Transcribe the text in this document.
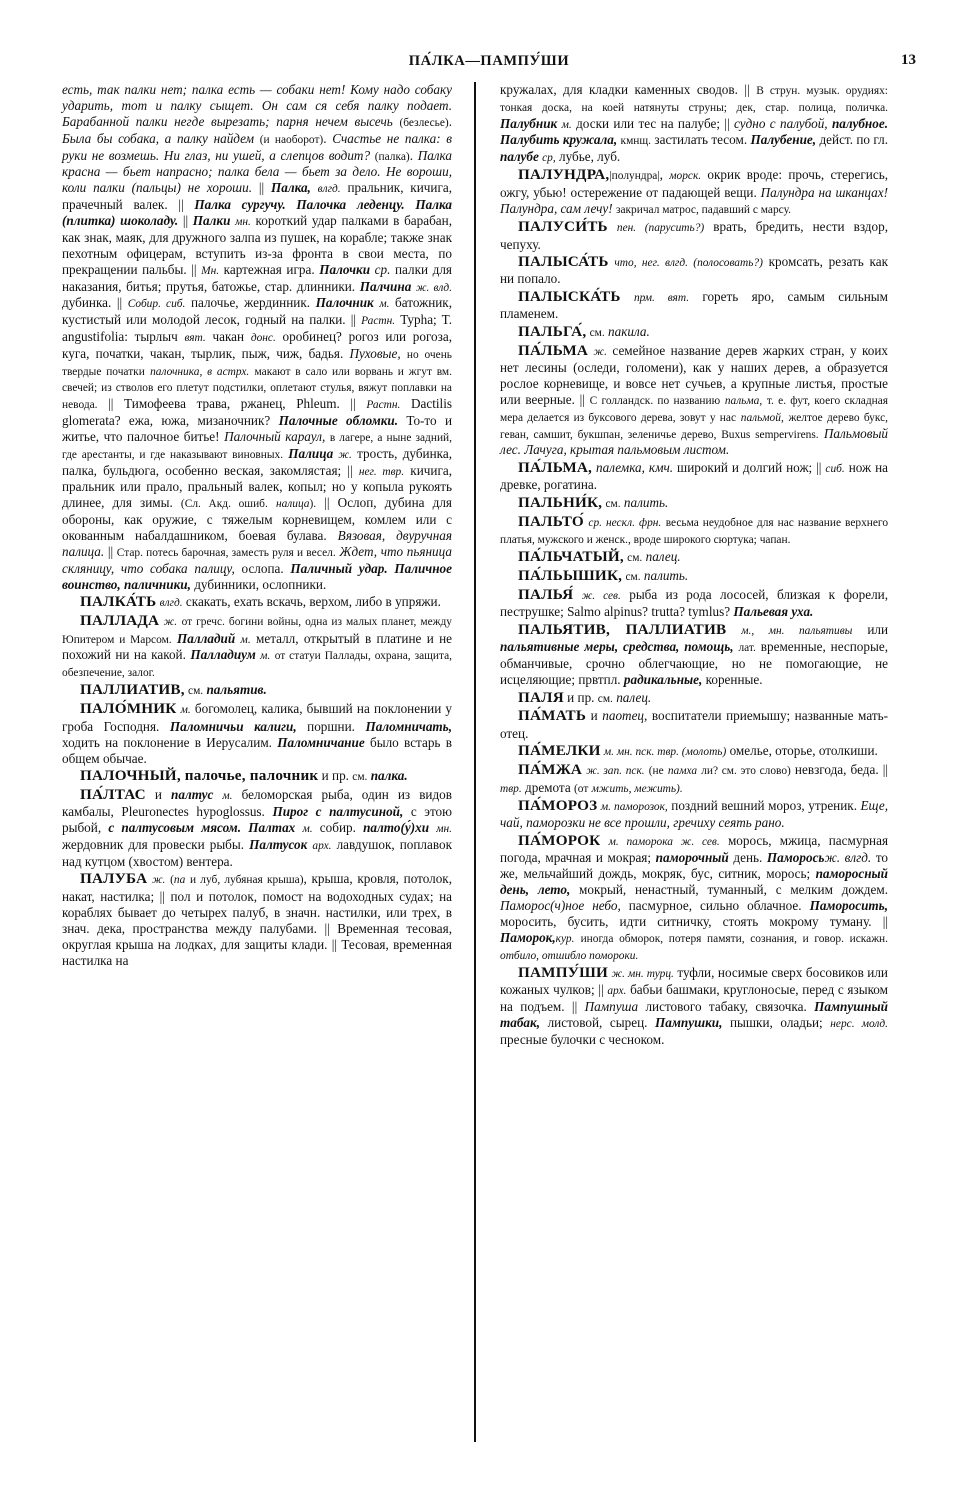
ПА́ЛКА—ПАМПУ́ШИ	13

есть, так палки нет; палка есть — собаки нет! Кому надо собаку ударить, тот и палку сыщет. Он сам ся себя палку подает. Барабанной палки негде вырезать; парня нечем высечь (безлесье). Была бы собака, а палку найдем (и наоборот). Счастье не палка: в руки не возмешь. Ни глаз, ни ушей, а слепцов водит? (палка). Палка красна — бьет напрасно; палка бела — бьет за дело. Не вороши, коли палки (пальцы) не хороши. || Палка, влгд. пральник, кичига, прачечный валек. || Палка сургучу. Палочка леденцу. Палка (плитка) шоколаду. || Палки мн. короткий удар палками в барабан, как знак, маяк, для дружного залпа из пушек, на корабле; также знак пехотным офицерам, вступить из-за фронта в свои места, по прекращении пальбы. || Мн. картежная игра. Палочки ср. палки для наказания, битья; прутья, батожье, стар. длинники. Палчина ж. влд. дубинка. || Собир. сиб. палочье, жердинник. Палочник м. батожник, кустистый или молодой лесок, годный на палки. || Растн. Typha; T. angustifolia: тырлыч вят. чакан донс. оробинец? рогоз или рогоза, куга, початки, чакан, тырлик, пыж, чиж, бадья. Пуховые, но очень твердые початки палочника, в астрх. макают в сало или ворвань и жгут вм. свечей; из стволов его плетут подстилки, оплетают стулья, вяжут поплавки на невода. || Тимофеева трава, ржанец, Phleum. || Растн. Dactilis glomerata? ежа, южа, мизаночник? Палочные обломки. То-то и житье, что палочное битье! Палочный караул, в лагере, а ныне задний, где арестанты, и где наказывают виновных. Палица ж. трость, дубинка, палка, бульдюга, особенно веская, закомлястая; || нег. твр. кичига, пральник или прало, пральный валек, копыл; но у копыла рукоять длинее, для зимы. (Сл. Акд. ошиб. налица). || Ослоп, дубина для обороны, как оружие, с тяжелым корневищем, комлем или с окованным набалдашником, боевая булава. Вязовая, двуручная палица. || Стар. потесь барочная, заместь руля и весел. Ждет, что пьяница скляницу, что собака палицу, ослопа. Паличный удар. Паличное воинство, паличники, дубинники, ослопники.

ПАЛКА́ТЬ влгд. скакать, ехать вскачь, верхом, либо в упряжи.

ПАЛЛАДА ж. от гречс. богини войны, одна из малых планет, между Юпитером и Марсом. Палладий м. металл, открытый в платине и не похожий ни на какой. Палладиум м. от статуи Паллады, охрана, защита, обезпечение, залог.

ПАЛЛИАТИВ, см. пальятив.

ПАЛО́МНИК м. богомолец, калика, бывший на поклонении у гроба Господня. Паломничьи калиги, поршни. Паломничать, ходить на поклонение в Иерусалим. Паломничание было встарь в общем обычае.

ПАЛОЧНЫЙ, палочье, палочник и пр. см. палка.

ПА́ЛТАС и палтус м. беломорская рыба, один из видов камбалы, Pleuronectes hypoglossus. Пирог с палтусиной, с этою рыбой, с палтусовым мясом. Палтах м. собир. палто(у́)хи мн. жердовник для провески рыбы. Палтусок арх. лавдушок, поплавок над кутцом (хвостом) вентера.

ПАЛУБА ж. (па и луб, лубяная крыша), крыша, кровля, потолок, накат, настилка; || пол и потолок, помост на водоходных судах; на кораблях бывает до четырех палуб, в значн. настилки, или трех, в знач. дека, пространства между палубами. || Временная тесовая, округлая крыша на лодках, для защиты клади. || Тесовая, временная настилка на

кружалах, для кладки каменных сводов. || В струн. музык. орудиях: тонкая доска, на коей натянуты струны; дек, стар. полица, поличка. Палубник м. доски или тес на палубе; || судно с палубой, палубное. Палубить кружала, кмнщ. застилать тесом. Палубение, дейст. по гл. палубе ср, лубье, луб.

ПАЛУНДРА,|полундра|, морск. окрик вроде: прочь, стерегись, ожгу, убью! остережение от падающей вещи. Палундра на шканцах! Палундра, сам лечу! закричал матрос, падавший с марсу.

ПАЛУСИ́ТЬ пен. (парусить?) врать, бредить, нести вздор, чепуху.

ПАЛЫСА́ТЬ что, нег. влгд. (полосовать?) кромсать, резать как ни попало.

ПАЛЫСКА́ТЬ прм. вят. гореть яро, самым сильным пламенем.

ПАЛЬГА́, см. пакила.

ПА́ЛЬМА ж. семейное название дерев жарких стран, у коих нет лесины (оследи, голомени), как у наших дерев, а образуется рослое корневище, и вовсе нет сучьев, а крупные листья, простые или веерные. || С голландск. по названию пальма, т. е. фут, коего складная мера делается из буксового дерева, зовут у нас пальмой, желтое дерево букс, геван, самшит, букшпан, зеленичье дерево, Buxus sempervirens. Пальмовый лес. Лачуга, крытая пальмовым листом.

ПА́ЛЬМА, палемка, кмч. широкий и долгий нож; || сиб. нож на древке, рогатина.

ПАЛЬНИ́К, см. палить.

ПАЛЬТО́ ср. нескл. фрн. весьма неудобное для нас название верхнего платья, мужского и женск., вроде широкого сюртука; чапан.

ПА́ЛЬЧАТЫЙ, см. палец.

ПА́ЛЬЫШИК, см. палить.

ПАЛЬЯ́ ж. сев. рыба из рода лососей, близкая к форели, пеструшке; Salmo alpinus? trutta? tymlus? Пальевая уха.

ПАЛЬЯТИВ, ПАЛЛИАТИВ м., мн. пальятивы или пальятивные меры, средства, помощь, лат. временные, неспорые, обманчивые, срочно облегчающие, но не помогающие, не исцеляющие; првтпл. радикальные, коренные.

ПАЛЯ и пр. см. палец.

ПА́МАТЬ и паотец, воспитатели приемышу; названные мать-отец.

ПА́МЕЛКИ м. мн. пск. твр. (молоть) омелье, оторье, отолкиши.

ПА́МЖА ж. зап. пск. (не памха ли? см. это слово) невзгода, беда. || твр. дремота (от мжить, межить).

ПА́МОРОЗ м. паморозок, поздний вешний мороз, утреник. Еще, чай, паморозки не все прошли, гречиху сеять рано.

ПА́МОРОК м. паморока ж. сев. морось, мжица, пасмурная погода, мрачная и мокрая; паморочный день. Паморосьж. влгд. то же, мельчайший дождь, мокряк, бус, ситник, морось; паморосный день, лето, мокрый, ненастный, туманный, с мелким дождем. Паморос(ч)ное небо, пасмурное, сильно облачное. Паморосить, моросить, бусить, идти ситничку, стоять мокрому туману. || Паморок,кур. иногда обморок, потеря памяти, сознания, и говор. искажн. отбило, отшибло помороки.

ПАМПУ́ШИ ж. мн. турц. туфли, носимые сверх босовиков или кожаных чулков; || арх. бабьи башмаки, круглоносые, перед с языком на подъем. || Пампуша листового табаку, связочка. Пампушный табак, листовой, сырец. Пампушки, пышки, оладьи; нерс. молд. пресные булочки с чесноком.
